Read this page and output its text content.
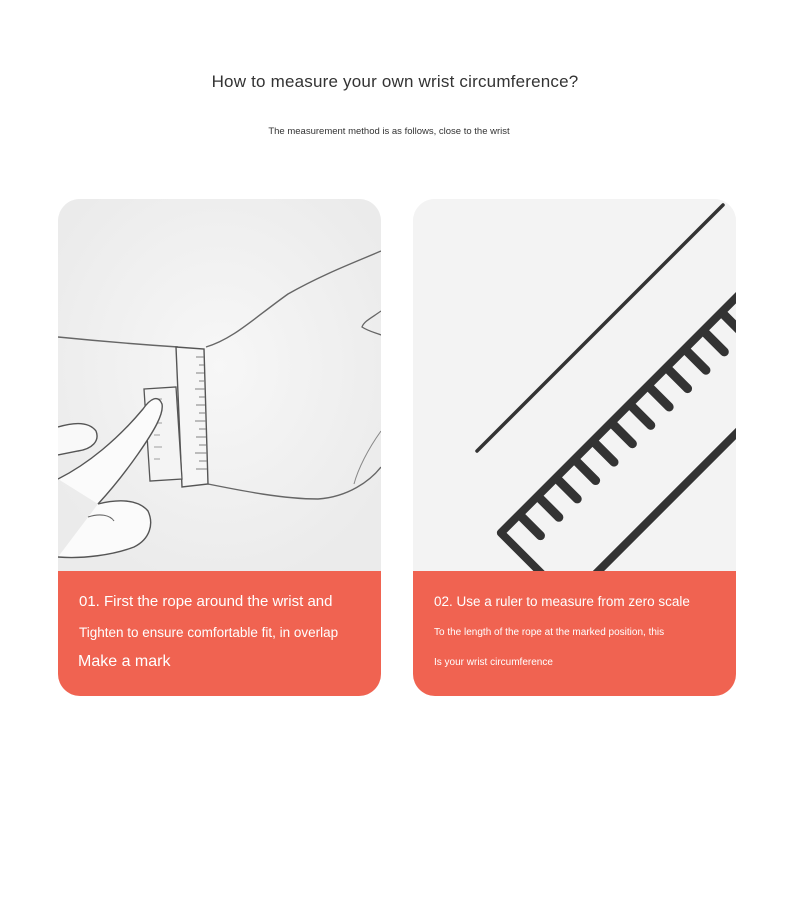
How to measure your own wrist circumference?
The measurement method is as follows, close to the wrist
01. First the rope around the wrist and
Tighten to ensure comfortable fit, in overlap
Make a mark
02. Use a ruler to measure from zero scale
To the length of the rope at the marked position, this
Is your wrist circumference
